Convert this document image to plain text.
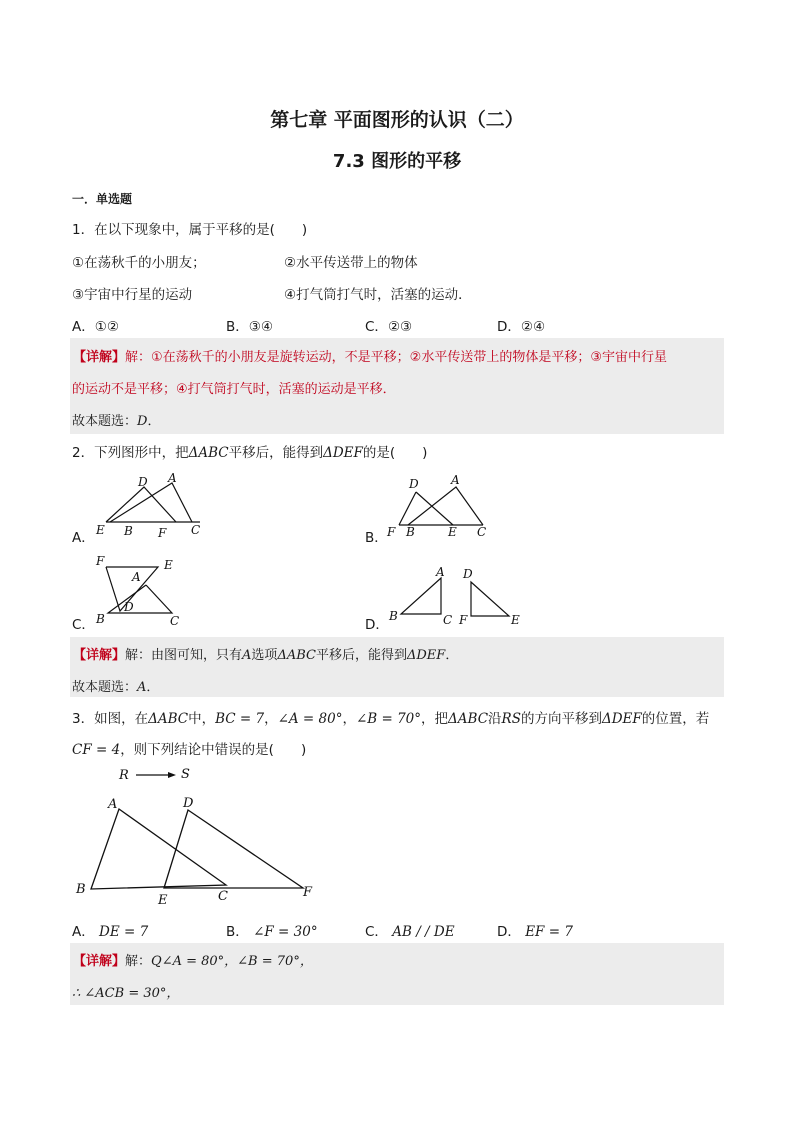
第七章 平面图形的认识（二）
7.3 图形的平移
一．单选题
1．在以下现象中，属于平移的是(　　)
①在荡秋千的小朋友；	②水平传送带上的物体
③宇宙中行星的运动	④打气筒打气时，活塞的运动．
A．①②	B．③④	C．②③	D．②④
【详解】解：①在荡秋千的小朋友是旋转运动，不是平移；②水平传送带上的物体是平移；③宇宙中行星
的运动不是平移；④打气筒打气时，活塞的运动是平移．
故本题选：D．
2．下列图形中，把ΔABC平移后，能得到ΔDEF的是(　　)
A．	B．
C．	D．
D A
E B F C
D	A
F B	E C
F	E
A
D
B	C
A D
B	C F	E
【详解】解：由图可知，只有A选项ΔABC平移后，能得到ΔDEF．
故本题选：A．
3．如图，在ΔABC中，BC = 7，∠A = 80°，∠B = 70°，把ΔABC沿RS的方向平移到ΔDEF的位置，若
CF = 4，则下列结论中错误的是(　　)
R	S
A	D
B
E	C	F
A． DE = 7	B． ∠F = 30°	C． AB / / DE	D． EF = 7
【详解】解：Q∠A = 80°，∠B = 70°，
∴ ∠ACB = 30°，
